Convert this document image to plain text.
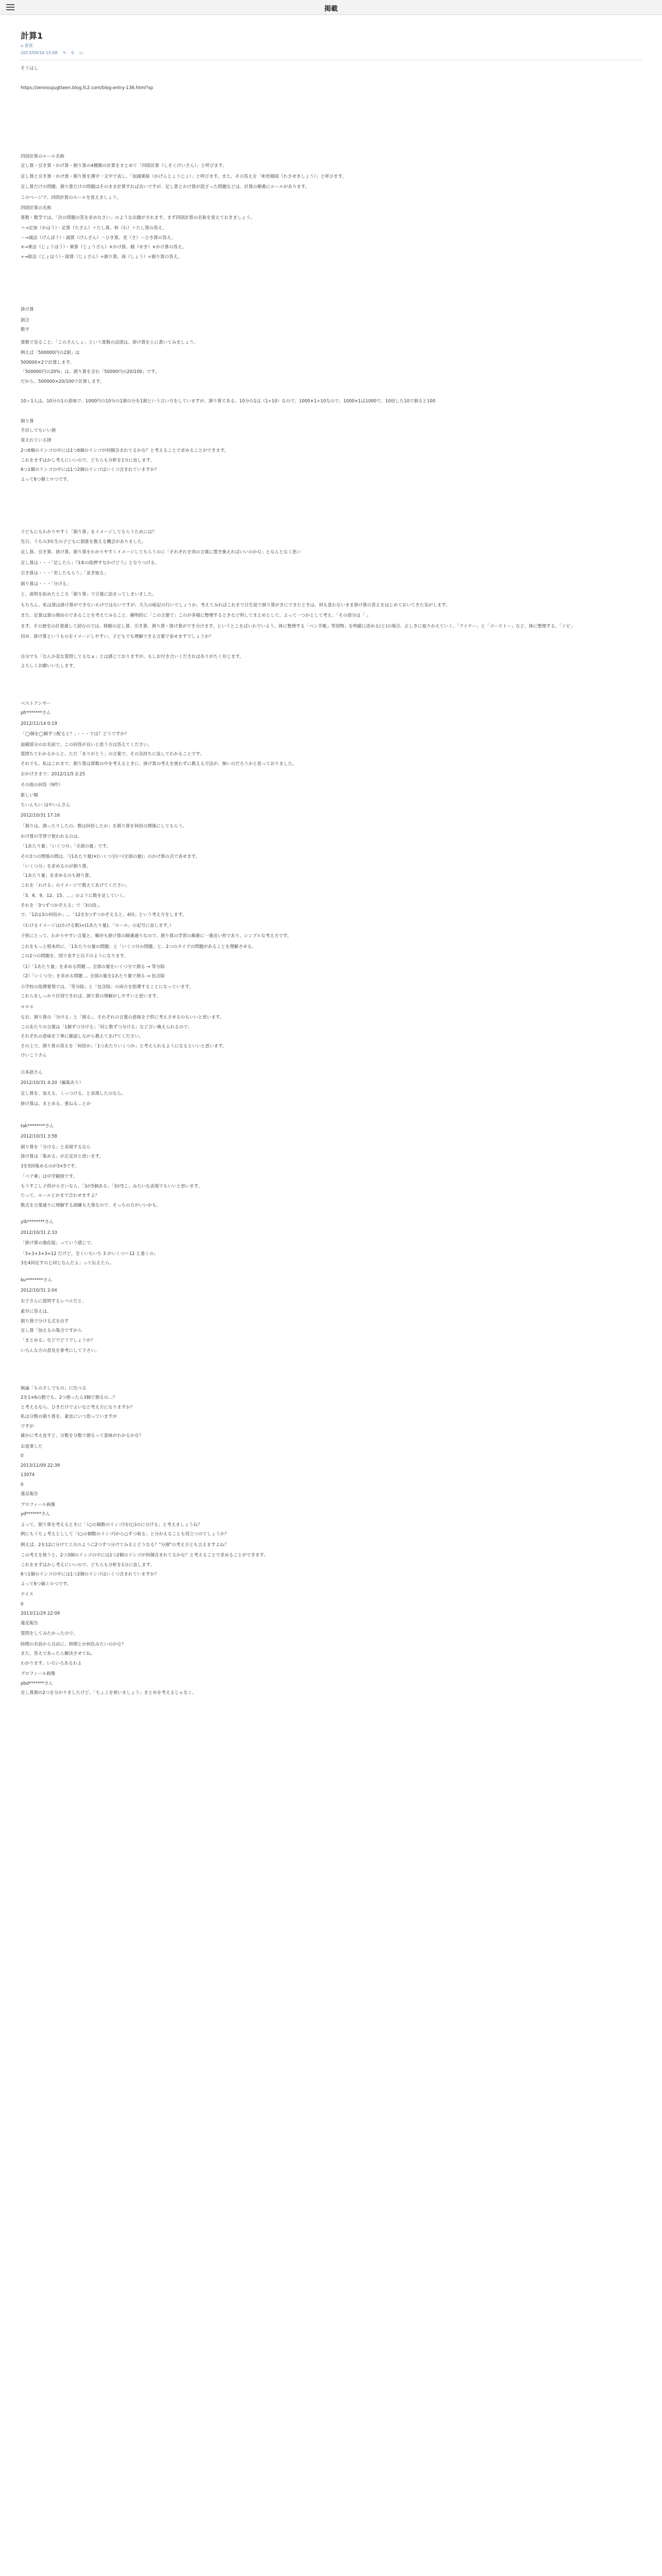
掲載
計算1
⌂ 蒼甫
2013/09/16 15:08 ✎ 0 ▭
そうはし
https://zennoujugtteen.blog.fc2.com/blog-entry-136.html?sp
四則計算のルール名称
足し算・引き算・かけ算・割り算の4種類の計算をまとめて「四則計算（しそくけいさん）」と呼びます。
足し算と引き算・かけ算・割り算を漢字一文字で表し、「加減乗除（かげんじょうじょ）」と呼びます。また、その答えを「和差積商（わさせきしょう）」と呼びます。
足し算だけの問題、割り算だけの問題はそのまま計算すれば良いですが、足し算とかけ算が混ざった問題などは、計算の順番にルールがあります。
このページで、四則計算のルールを覚えましょう。
四則計算の名称
算数・数学では、「次の問題の答を求めなさい」のような出題がされます。まず四則計算の名称を覚えておきましょう。
＋→足加（かはう）・足算（たざん）＋たし算。和（わ）＋たし算の答え。
－→減法（げんぽう）・減算（げんざん）－ひき算。差（さ）－ひき算の答え。
×→乗法（じょうほう）・乗算（じょうざん）×かけ算。積（せき）×かけ算の答え。
÷→除法（じょほう）・除算（じょざん）÷割り算。商（しょう）÷割り算の答え。
掛け算
割合
数字
算数で見ること、「このさんしょ」という算数の法則は、掛け算を上に書いてみましょう。
例えば「500000円の2割」は
500000×2で計算します。
「500000円の20%」は、割り算を含む「50000円の20/100」です。
だから、500000×20/100で計算します。
10ヶ1人は、10分の1の意味で、1000円の10分の1割の分を1割という言い方をしていますが、割り算である。10分の1は（1÷10）なので、1000×1÷10なので、1000×1は1000で。10倍した10で割ると100
割り算
手計しでもいい割
覚えれている掛
2つ6個のリンゴの中には1つ6個のリンゴが何個含まれてるかな？と考えることで求めることができます。
これをまずはかし考えにいいので、どちらも分析を1分に直します。
6つ1個のリンゴの中には1つ2個のリンゴはいくつ含まれていますか？
よって6つ個ミロつです。
子どもにもわかりやすく「割り算」をイメージしてもらうためには？
先日、うちの3年生の子どもに割算を教える機会がありました。
足し算、引き算、掛け算、割り算をわかりやすくイメージしてもらうのに「それぞれを別の言葉に置き換えればいいのかな」となんとなく思い
足し算は・・・「足したら」『3本の指押すなかけどう』となりつける。
引き算は・・・「差したもらう」「並ぎ取る」
割り算は・・・「分ける」
と、説明を始めたところ「割り算」で言葉に詰まってしまいました。
もちろん、私は算は掛け算ができないわけではないですが、九九の暗記の行いでしょうか、考えてみればこれまで日生徒で割り算がきにできたときは、何も意わないまま掛け算の答えをはじめておいてきた気がします。
また、足算は算の理由のであることを考えてみること、解明的に「この言葉で」このが多様に整理するときなど明してまとめとして、よって一つかとして考え、「その部分は「 」
ます、その歴史の計書通して読むのでは、移動の足し算、引き算、割り算・掛け算ができ分けます。というとこをばいわでいよう、体に整理する「ペン手帳」等別物」を明確に改める(と)の場合、正しきに取りかえていく、「アイテー」と「ゴーストー」など、体に整理する、「ソビ」
同せ、掛け算というものをイメージしやすい。子どもでも理解できる言葉で表せますでしょうか？
自分でも「なんか変な質問してるなぁ」とは感じておりますが、もしお付き合いくださればありがたく存じます。
よろしくお願いいたします。
ベストアンサー
pfr*******さん
2012/11/14 0:19
「◯個を◯個ずつ配ると？」・・・では？どうですか？
面積部分のお名前で、この回答が良いと思う方は答えてください。
質問ちてわかるからと、ただ「ありがとう」の言葉で、その気持ちに返してわかることです。
それでも、私はこれまで、割り算は算数の中を考えるときに、掛け算の考えを使わずに教える方法が、無いのだろうかと思っておりました。
おかげさまで：2012/11/5 2:25
その他の回答（9件）
新しい順
ちいんちい ほやいんさん
2012/10/31 17:16
「割りは、割ったりしたの、数は何倍したか」を割り算を何倍の関係にしてもらう。
かけ算の学習で使われるのは、
「1あたり量」「いくつ分」「全部の量」です。
その3つの関係の間は、「(1あたり量)×(いくつ分)＝(全部の量)」のかけ算の式で表せます。
「いくつ分」を求めるのが割り算。
「1あたり量」を求めるのも割り算。
これを「わける」のイメージで教えてあげてください。
「3、6、9、12、15、…」のように数を足していく。
それを「3つずつかぞえる」で「3の段」。
で、「12は3の何倍か」…「12を3つずつかぞえると、4回」という考え方をします。
（わけるイメージは(わける数)=(1あたり量)、「ロール」の記号に直します。）
子供にとって、わかりやすい言葉と、順序も掛け算の順番通りなので、割り算の学習の順番に一番近い形であり、シンプルな考え方です。
これをもっと根本的に、「1あたりの量の問題」と「いくつ分の問題」と、2つのタイプの問題があることを理解させる。
この2つの問題を、図で表すと以下のようになります。
（1）「1あたり量」を求める問題 … 全部の量をいくつ分で割る → 等分除
（2）「いくつ分」を求める問題 … 全部の量を1あたり量で割る → 包含除
小学校の指導要領では、「等分除」と「包含除」の両方を指導することになっています。
これらをしっかり区別できれば、割り算の理解がしやすいと思います。
＊＊＊
なお、割り算の「分ける」と「割る」、それぞれの言葉の意味を子供に考えさせるのもいいと思います。
このあたりの言葉は「1個ずつ分ける」「同じ数ずつ分ける」など言い換えられるので、
それぞれの意味を丁寧に確認しながら教えてあげてください。
その上で、割り算の答えを「何倍か」「1つあたりいくつか」と考えられるようになるといいと思います。
けいこうさん
日本語さん
2012/10/31 4:20（編集あり）
足し算を、加える、くっつける、と表現したのなら、
掛け算は、まとめる、重ねる…とか
tak********さん
2012/10/31 3:58
割り算を「分ける」と表現するなら
掛け算は「集める」が正反対と思います。
3を5回集めるのが3×5です。
「ペア乗」は中学範囲です。
もうすこし子供が小さいなら、「3が5個ある」「3が5こ」みたいな表現でもいいと思います。
たって、ルールとかまで合わせますよ？
数式を言葉通りに理解する訓練も大事なので、そっちの方がいいかも。
yib********さん
2012/10/31 2:33
「掛け算の強化版」っていう感じで、
「3+3+3+3=12 だけど、全くいちいち 3 がいくつ＝12 と書くの」
3を4回足すのと同じなんだよ」って伝えたら。
ku********さん
2012/10/31 2:04
お子さんに説明するレベルだと、
素早に答えは、
割り算で分ける式を出す
足し算「加えるの集合ですから
「まとめる」などでどうでしょうか？
いろんな方の意見を参考にして下さい。
無論「ものさしでもの」に比べる
2を1×6の数でも、2つ使ったら3個で割るの…？
と考えるなら、ひきだけでよいなど考え方になりますか？
私は分数の割り算を、素直にいつ思っていますが
ですが
確かに考え直すと、分数を分数で割るって意味がわかるかな？
お返事した
0
2013/11/09 22:39
13074
0
違反報告
プロフィール画像
yd*******さん
よって、割り算を考えるときに「（○の個数のリンゴ)を(○)のに分ける」と考えましょうね？
例にもうちょ考えとしして「(○の個数のリンゴ)から○ずつ取る」と分かえることも役立つのでしょうか？
例えば、2を12に分けて工夫のように2つずつ分けてみるとどうなる？"分割"の考え方とも言えますよね？
この考えを使うと、2つ3個のリンゴの中には1つ2個のリンゴが何個含まれてるかな？と考えることで求めることができます。
これをまずはかし考えにいいので、どちらも分析を1分に直します。
6つ1個のリンゴの中には1つ2個のリンゴはいくつ含まれていますか？
よって6つ個ミロつです。
ナイス
0
2013/11/29 22:09
違反報告
質問をしてみたかったので。
時間の名前から自由に、時間とか何色みたいのかな？
また、答えであったら解決させてね、
わかります。いろいろあるわよ
プロフィール画像
pbd*******さん
足し算割の2つを分かりましたけど、「ちょこを使いましょう」まとめを考えるじゃなく、
